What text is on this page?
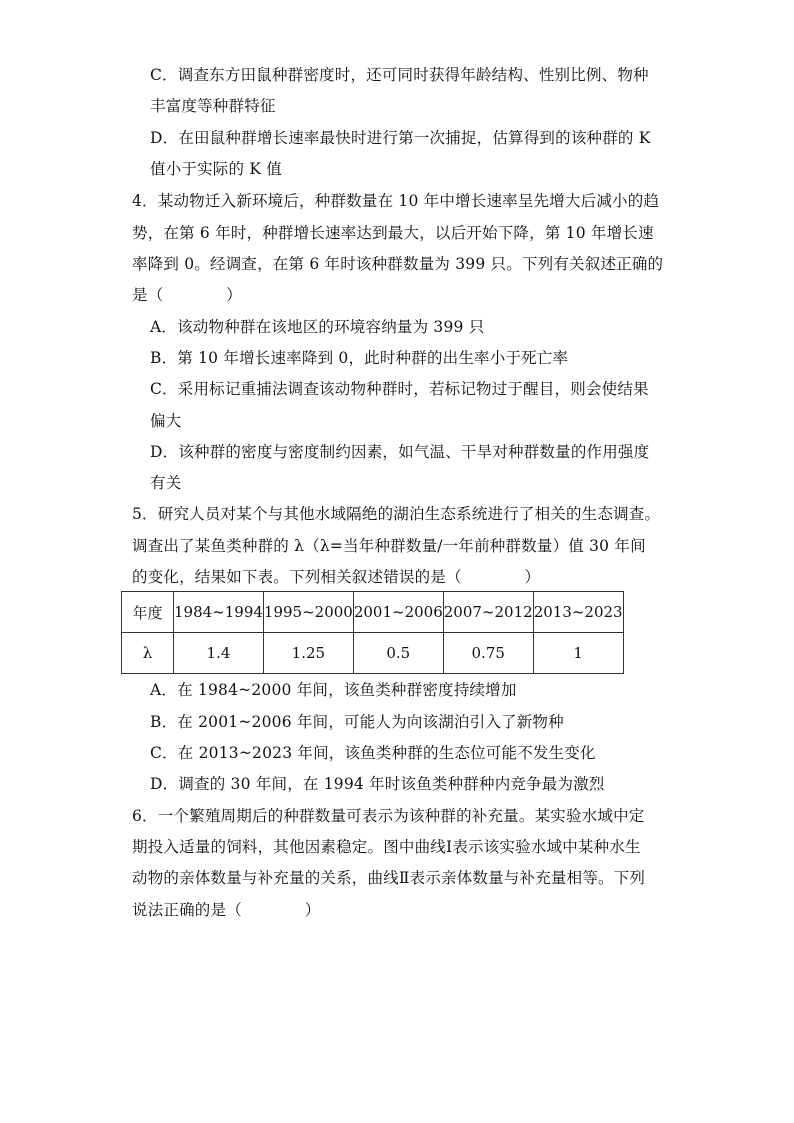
C．调查东方田鼠种群密度时，还可同时获得年龄结构、性别比例、物种
丰富度等种群特征
D．在田鼠种群增长速率最快时进行第一次捕捉，估算得到的该种群的 K
值小于实际的 K 值
4．某动物迁入新环境后，种群数量在 10 年中增长速率呈先增大后减小的趋
势，在第 6 年时，种群增长速率达到最大，以后开始下降，第 10 年增长速
率降到 0。经调查，在第 6 年时该种群数量为 399 只。下列有关叙述正确的
是（　　　　）
A．该动物种群在该地区的环境容纳量为 399 只
B．第 10 年增长速率降到 0，此时种群的出生率小于死亡率
C．采用标记重捕法调查该动物种群时，若标记物过于醒目，则会使结果
偏大
D．该种群的密度与密度制约因素，如气温、干旱对种群数量的作用强度
有关
5．研究人员对某个与其他水域隔绝的湖泊生态系统进行了相关的生态调查。
调查出了某鱼类种群的 λ（λ=当年种群数量/一年前种群数量）值 30 年间
的变化，结果如下表。下列相关叙述错误的是（　　　　）
年度	1984~1994	1995~2000	2001~2006	2007~2012	2013~2023
λ	1.4	1.25	0.5	0.75	1
A．在 1984~2000 年间，该鱼类种群密度持续增加
B．在 2001~2006 年间，可能人为向该湖泊引入了新物种
C．在 2013~2023 年间，该鱼类种群的生态位可能不发生变化
D．调查的 30 年间，在 1994 年时该鱼类种群种内竞争最为激烈
6．一个繁殖周期后的种群数量可表示为该种群的补充量。某实验水域中定
期投入适量的饲料，其他因素稳定。图中曲线Ⅰ表示该实验水域中某种水生
动物的亲体数量与补充量的关系，曲线Ⅱ表示亲体数量与补充量相等。下列
说法正确的是（　　　　）
